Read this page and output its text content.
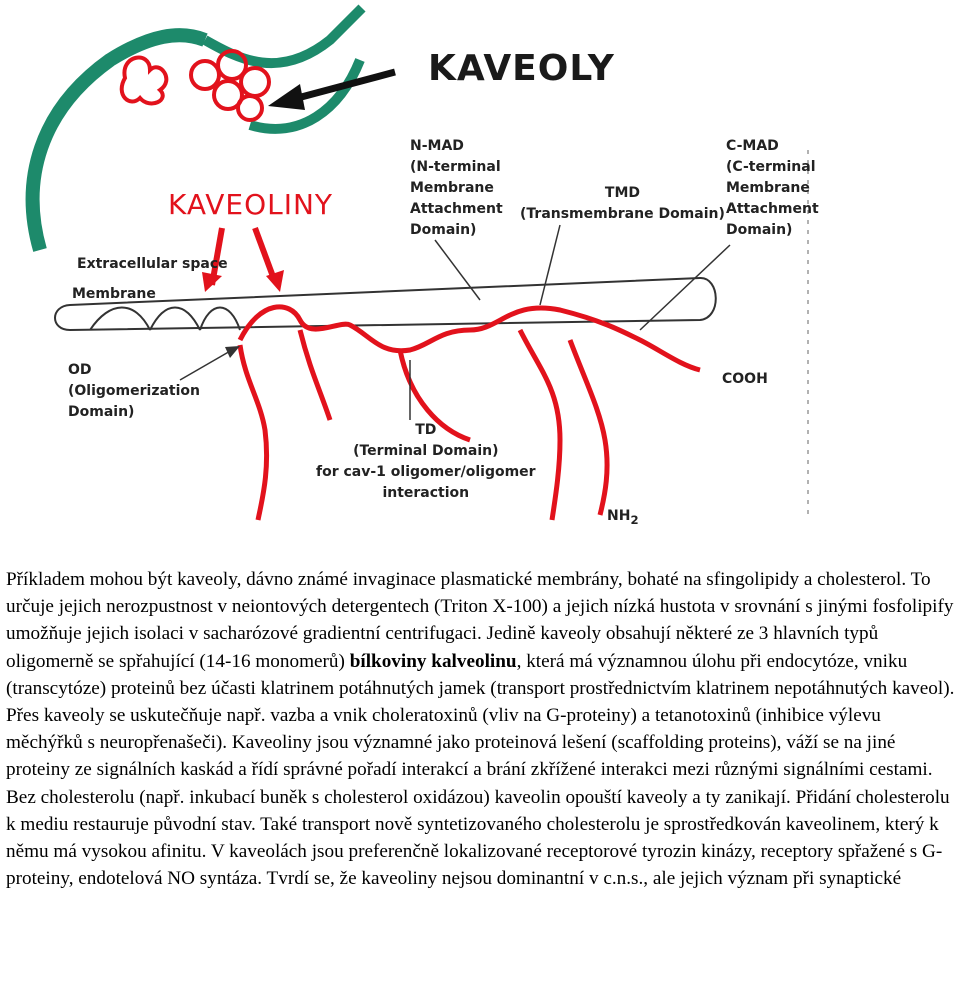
KAVEOLY
KAVEOLINY
N-MAD
(N-terminal
Membrane
Attachment
Domain)
TMD
(Transmembrane Domain)
C-MAD
(C-terminal
Membrane
Attachment
Domain)
Extracellular space
Membrane
OD
(Oligomerization
Domain)
COOH
TD
(Terminal Domain)
for cav-1 oligomer/oligomer
interaction
$NH_2$
Příkladem mohou být kaveoly, dávno známé invaginace plasmatické membrány, bohaté na sfingolipidy a cholesterol. To určuje jejich nerozpustnost v neiontových detergentech (Triton X-100) a jejich nízká hustota v srovnání s jinými fosfolipify umožňuje jejich isolaci v sacharózové gradientní centrifugaci. Jedině kaveoly obsahují některé ze 3 hlavních typů oligomerně se spřahující (14-16 monomerů) bílkoviny kalveolinu, která má významnou úlohu při endocytóze, vniku (transcytóze) proteinů bez účasti klatrinem potáhnutých jamek (transport prostřednictvím klatrinem nepotáhnutých kaveol). Přes kaveoly se uskutečňuje např. vazba a vnik choleratoxinů (vliv na G-proteiny) a tetanotoxinů (inhibice výlevu měchýřků s neuropřenašeči). Kaveoliny jsou významné jako proteinová lešení (scaffolding proteins), váží se na jiné proteiny ze signálních kaskád a řídí správné pořadí interakcí a brání zkřížené interakci mezi různými signálními cestami. Bez cholesterolu (např. inkubací buněk s cholesterol oxidázou) kaveolin opouští kaveoly a ty zanikají. Přidání cholesterolu k mediu restauruje původní stav. Také transport nově syntetizovaného cholesterolu je sprostředkován kaveolinem, který k němu má vysokou afinitu. V kaveolách jsou preferenčně lokalizované receptorové tyrozin kinázy, receptory spřažené s G-proteiny, endotelová NO syntáza. Tvrdí se, že kaveoliny nejsou dominantní v c.n.s., ale jejich význam při synaptické
